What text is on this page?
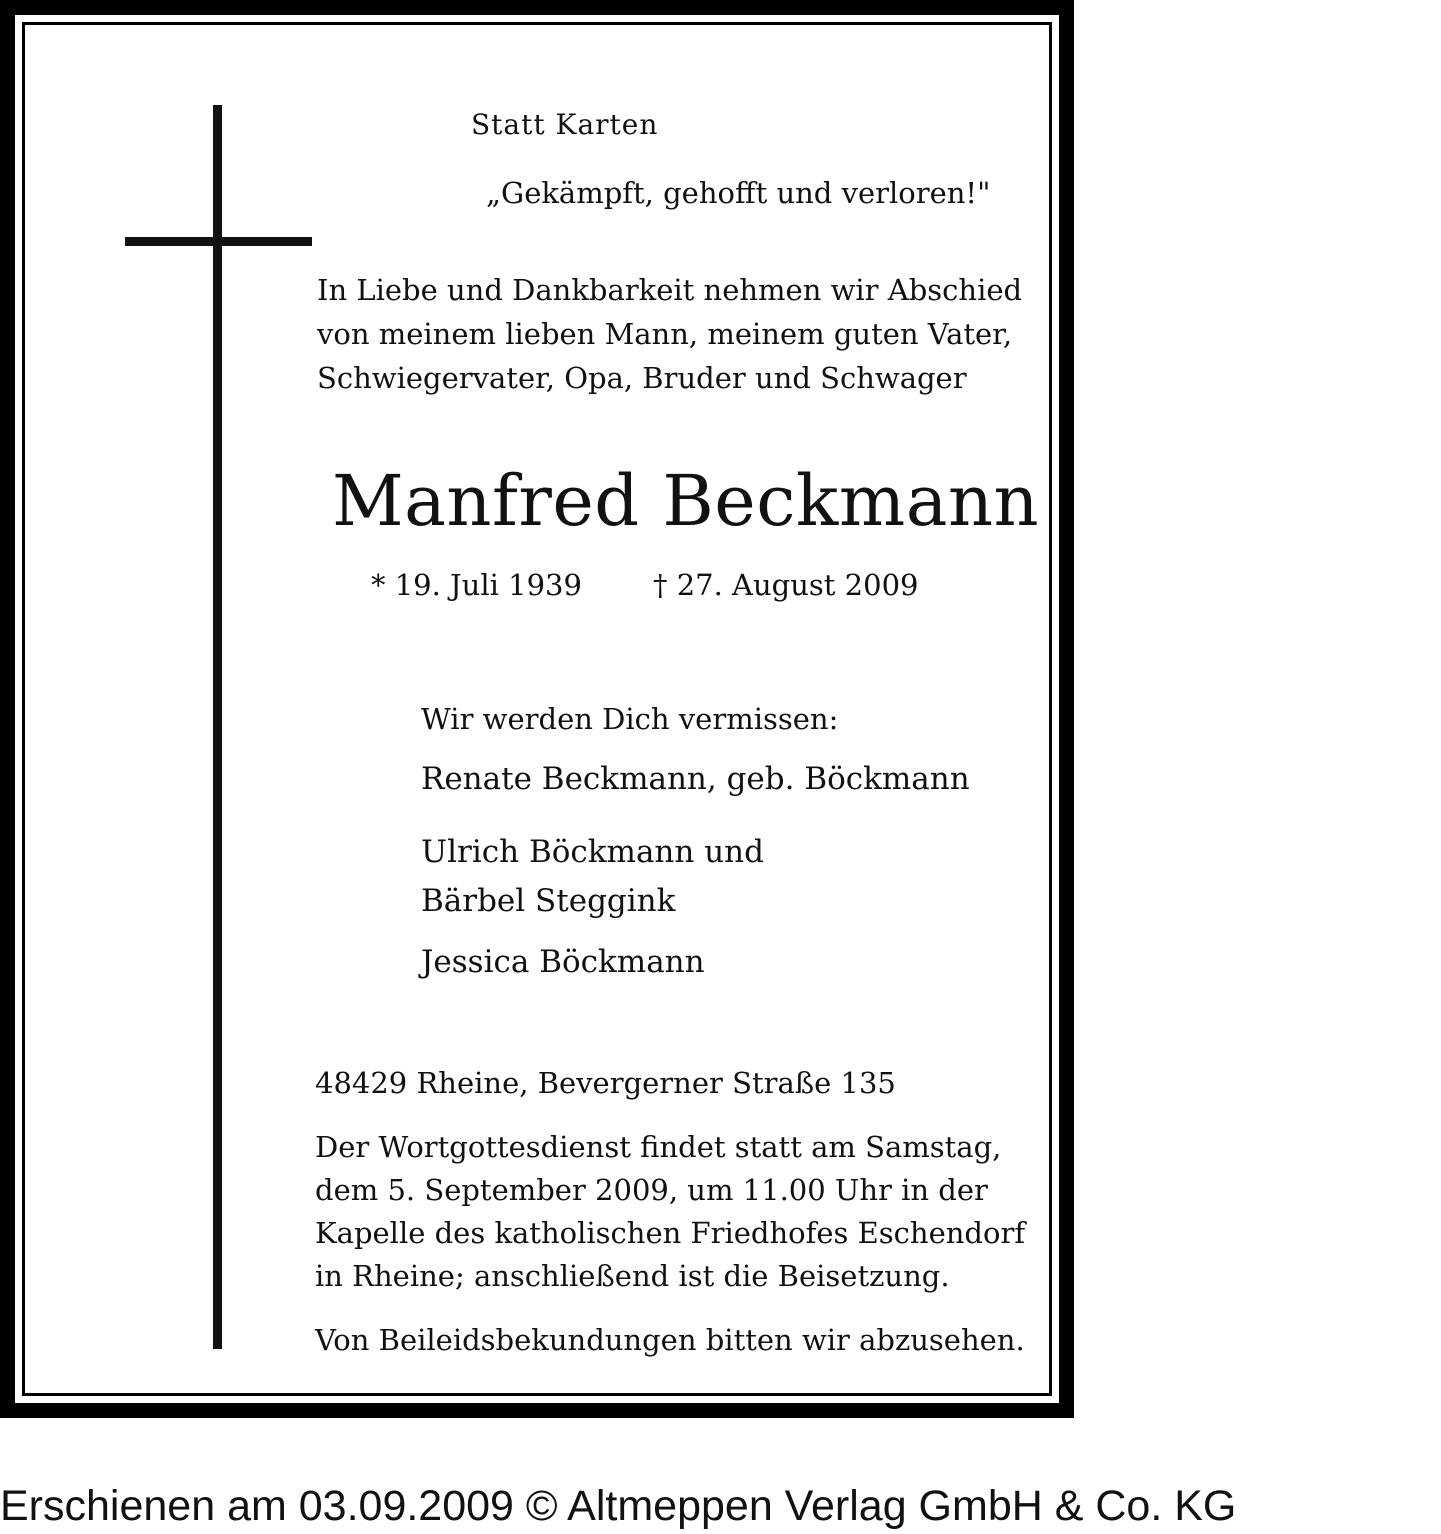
Statt Karten
„Gekämpft, gehofft und verloren!"
In Liebe und Dankbarkeit nehmen wir Abschied
von meinem lieben Mann, meinem guten Vater,
Schwiegervater, Opa, Bruder und Schwager
Manfred Beckmann
* 19. Juli 1939 † 27. August 2009
Wir werden Dich vermissen:
Renate Beckmann, geb. Böckmann
Ulrich Böckmann und
Bärbel Steggink
Jessica Böckmann
48429 Rheine, Bevergerner Straße 135
Der Wortgottesdienst findet statt am Samstag,
dem 5. September 2009, um 11.00 Uhr in der
Kapelle des katholischen Friedhofes Eschendorf
in Rheine; anschließend ist die Beisetzung.
Von Beileidsbekundungen bitten wir abzusehen.
Erschienen am 03.09.2009 © Altmeppen Verlag GmbH & Co. KG
